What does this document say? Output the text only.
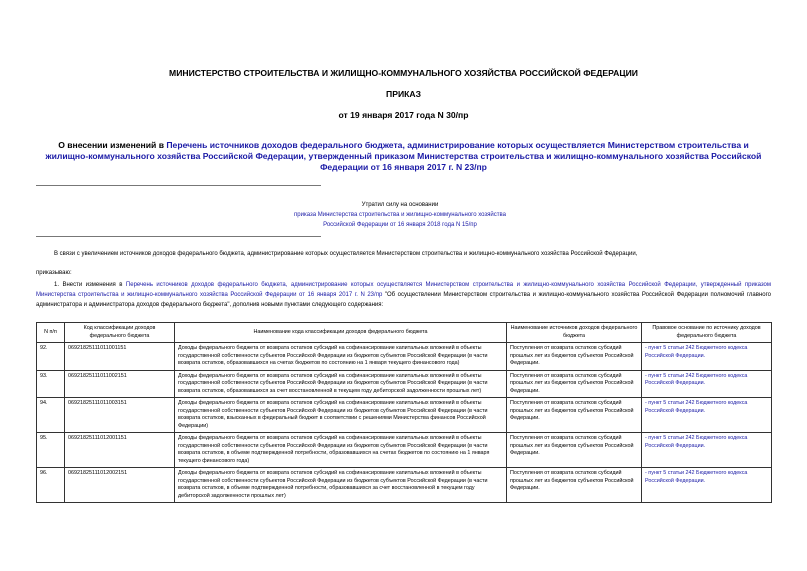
МИНИСТЕРСТВО СТРОИТЕЛЬСТВА И ЖИЛИЩНО-КОММУНАЛЬНОГО ХОЗЯЙСТВА РОССИЙСКОЙ ФЕДЕРАЦИИ
ПРИКАЗ
от 19 января 2017 года N 30/пр
О внесении изменений в Перечень источников доходов федерального бюджета, администрирование которых осуществляется Министерством строительства и жилищно-коммунального хозяйства Российской Федерации, утвержденный приказом Министерства строительства и жилищно-коммунального хозяйства Российской Федерации от 16 января 2017 г. N 23/пр
Утратил силу на основании
приказа Министерства строительства и жилищно-коммунального хозяйства
Российской Федерации от 16 января 2018 года N 15/пр
В связи с увеличением источников доходов федерального бюджета, администрирование которых осуществляется Министерством строительства и жилищно-коммунального хозяйства Российской Федерации,
приказываю:
1. Внести изменения в Перечень источников доходов федерального бюджета, администрирование которых осуществляется Министерством строительства и жилищно-коммунального хозяйства Российской Федерации, утвержденный приказом Министерства строительства и жилищно-коммунального хозяйства Российской Федерации от 16 января 2017 г. N 23/пр "Об осуществлении Министерством строительства и жилищно-коммунального хозяйства Российской Федерации полномочий главного администратора и администратора доходов федерального бюджета", дополнив новыми пунктами следующего содержания:
N п/п	Код классификации доходов федерального бюджета	Наименование кода классификации доходов федерального бюджета	Наименование источников доходов федерального бюджета	Правовое основание по источнику доходов федерального бюджета
92.	06921825111011001151	Доходы федерального бюджета от возврата остатков субсидий на софинансирование капитальных вложений в объекты государственной собственности субъектов Российской Федерации из бюджетов субъектов Российской Федерации (в части возврата остатков, образовавшихся на счетах бюджетов по состоянию на 1 января текущего финансового года)	Поступления от возврата остатков субсидий прошлых лет из бюджетов субъектов Российской Федерации.	- пункт 5 статьи 242 Бюджетного кодекса Российской Федерации.
93.	06921825111011002151	Доходы федерального бюджета от возврата остатков субсидий на софинансирование капитальных вложений в объекты государственной собственности субъектов Российской Федерации из бюджетов субъектов Российской Федерации (в части возврата остатков, образовавшихся за счет восстановленной в текущем году дебиторской задолженности прошлых лет)	Поступления от возврата остатков субсидий прошлых лет из бюджетов субъектов Российской Федерации.	- пункт 5 статьи 242 Бюджетного кодекса Российской Федерации.
94.	06921825111011003151	Доходы федерального бюджета от возврата остатков субсидий на софинансирование капитальных вложений в объекты государственной собственности субъектов Российской Федерации из бюджетов субъектов Российской Федерации (в части возврата остатков, взысканных в федеральный бюджет в соответствии с решениями Министерства финансов Российской Федерации)	Поступления от возврата остатков субсидий прошлых лет из бюджетов субъектов Российской Федерации.	- пункт 5 статьи 242 Бюджетного кодекса Российской Федерации.
95.	06921825111012001151	Доходы федерального бюджета от возврата остатков субсидий на софинансирование капитальных вложений в объекты государственной собственности субъектов Российской Федерации из бюджетов субъектов Российской Федерации (в части возврата остатков, в объеме подтвержденной потребности, образовавшихся на счетах бюджетов по состоянию на 1 января текущего финансового года)	Поступления от возврата остатков субсидий прошлых лет из бюджетов субъектов Российской Федерации.	- пункт 5 статьи 242 Бюджетного кодекса Российской Федерации.
96.	06921825111012002151	Доходы федерального бюджета от возврата остатков субсидий на софинансирование капитальных вложений в объекты государственной собственности субъектов Российской Федерации из бюджетов субъектов Российской Федерации (в части возврата остатков, в объеме подтвержденной потребности, образовавшихся за счет восстановленной в текущем году дебиторской задолженности прошлых лет)	Поступления от возврата остатков субсидий прошлых лет из бюджетов субъектов Российской Федерации.	- пункт 5 статьи 242 Бюджетного кодекса Российской Федерации.
